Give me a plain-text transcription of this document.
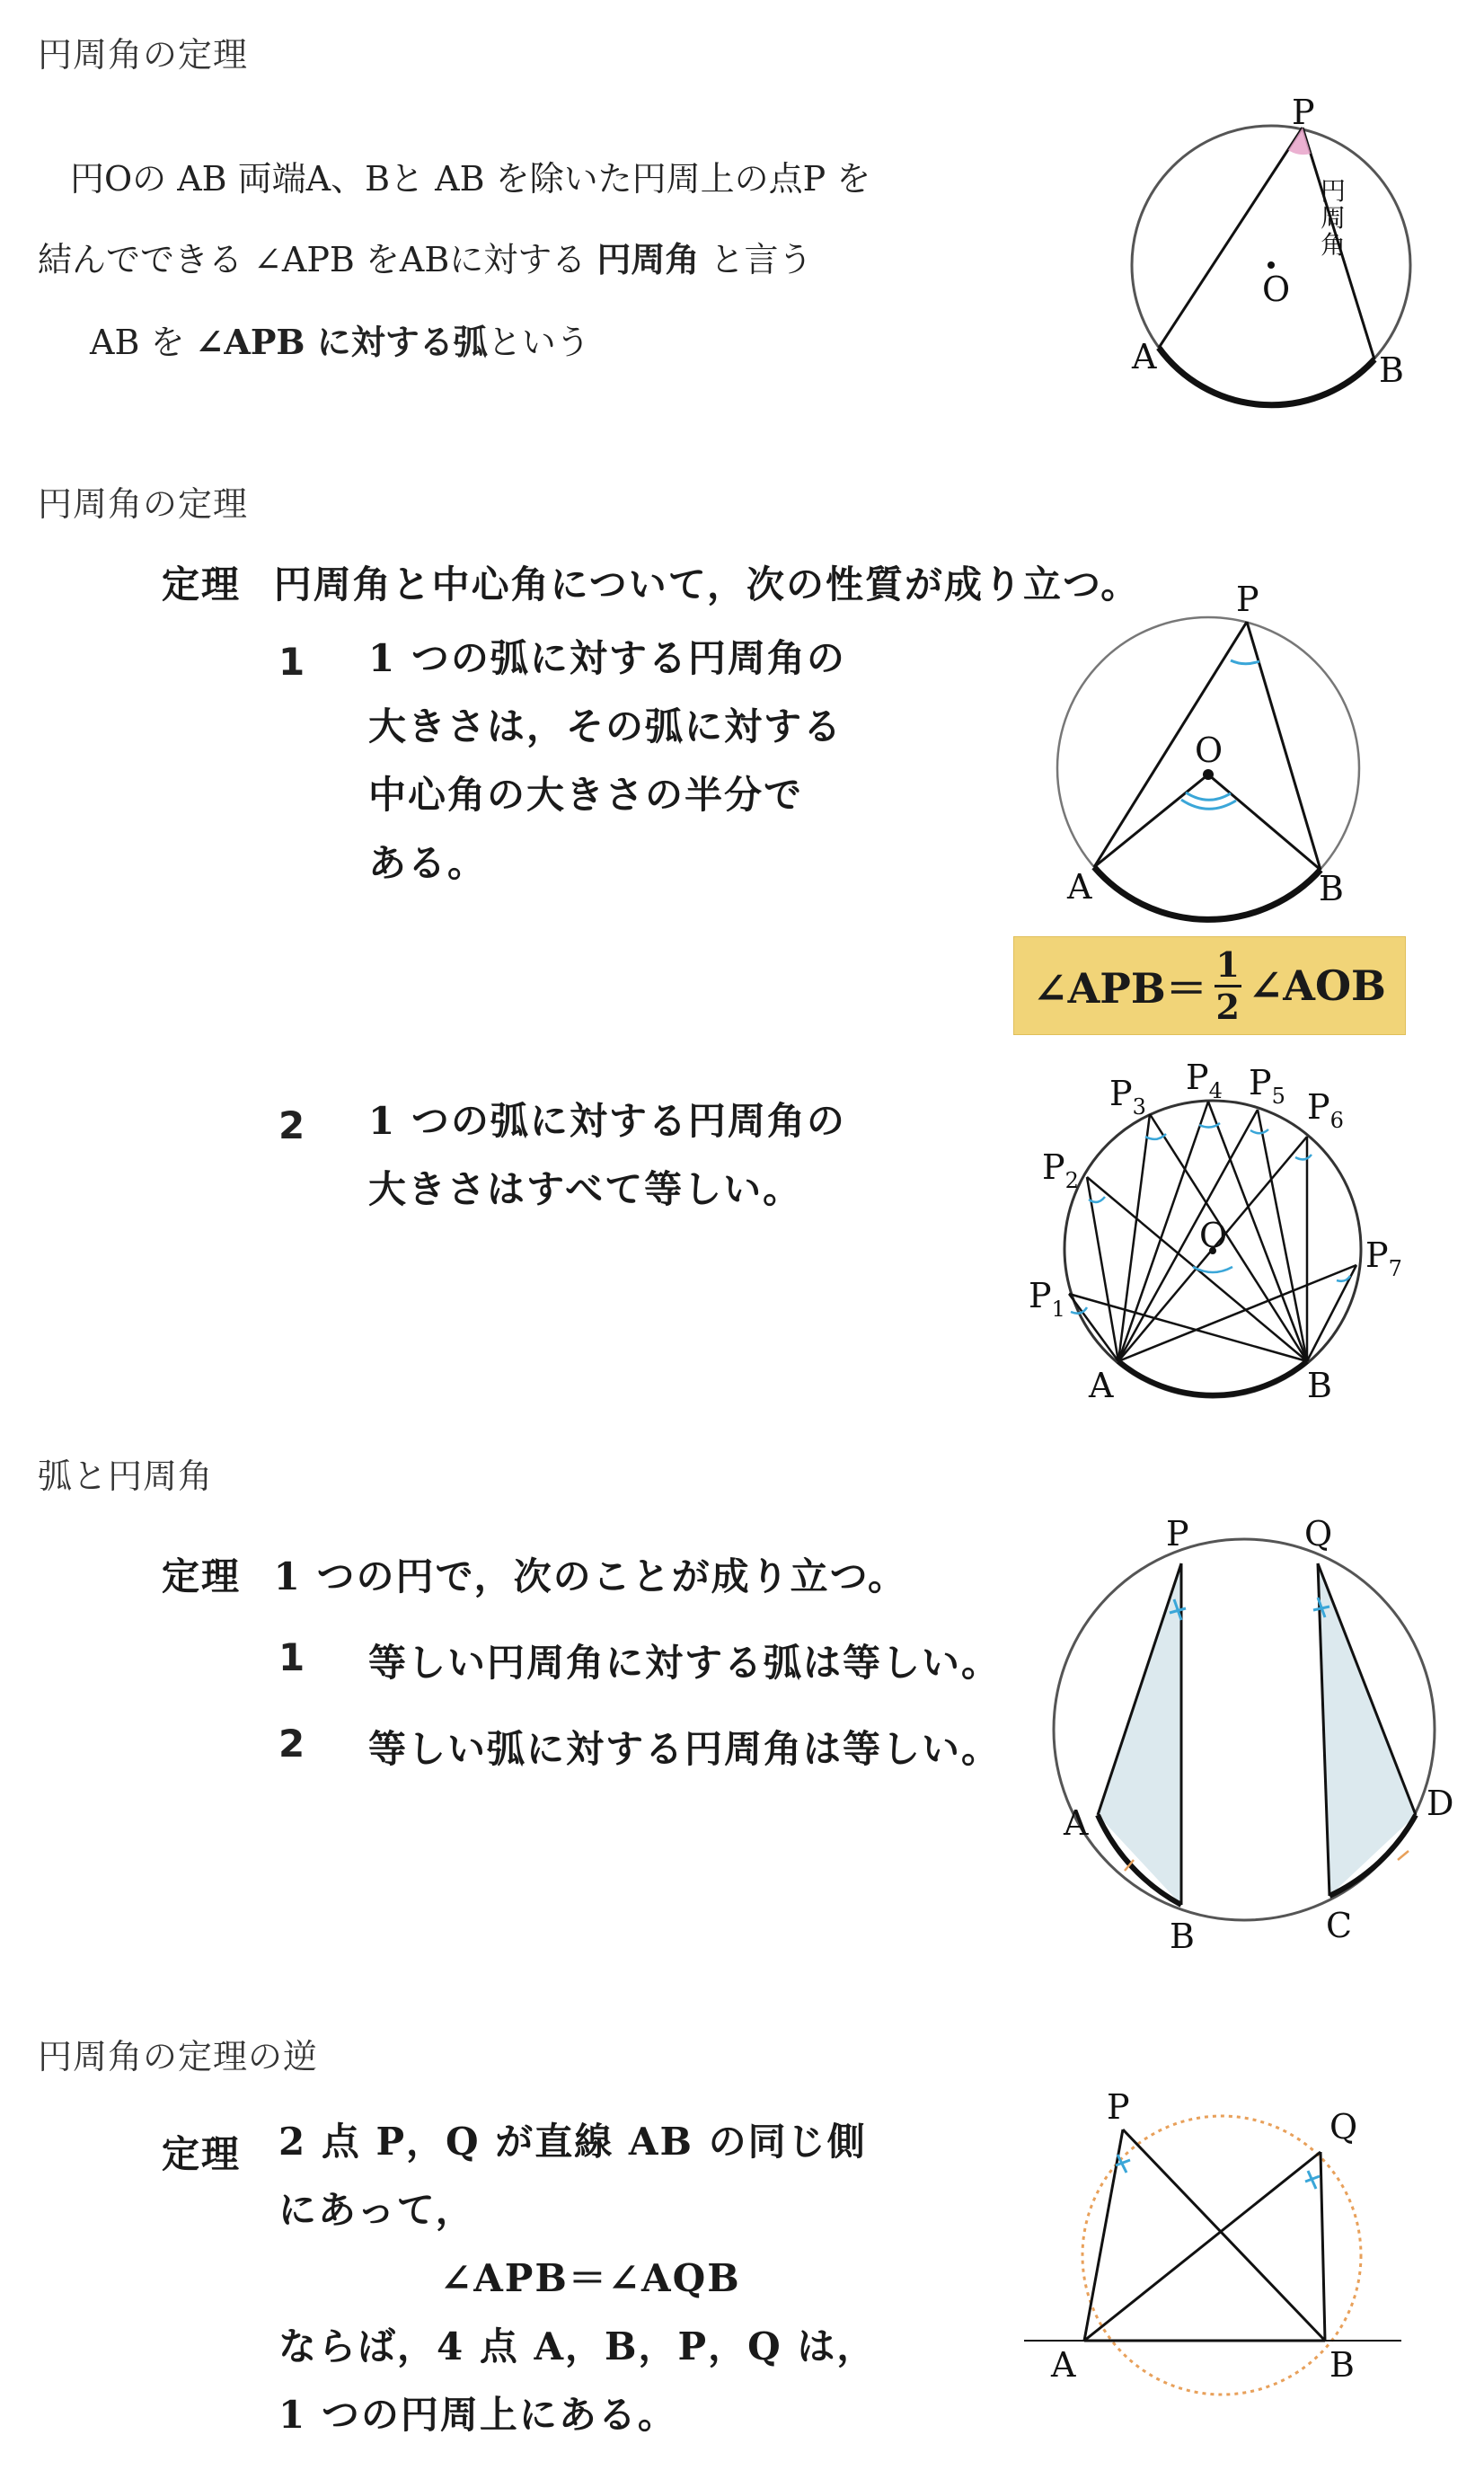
円周角の定理
円Oの AB 両端A、Bと AB を除いた円周上の点P を
結んでできる ∠APB をABに対する 円周角 と言う
AB を ∠APB に対する弧という
P
O
A	B
円
周
角
円周角の定理
定理 円周角と中心角について，次の性質が成り立つ。
1 1 つの弧に対する円周角の
大きさは，その弧に対する
中心角の大きさの半分で
ある。
P
O
A	B
∠APB＝ $\frac{1}{2}$ ∠AOB
2 1 つの弧に対する円周角の
大きさはすべて等しい。
$P_1$
$P_2$
$P_3$
$P_4$ $P_5$ $P_6$
$P_7$
O
A	B
弧と円周角
定理 1 つの円で，次のことが成り立つ。
1 等しい円周角に対する弧は等しい。
2 等しい弧に対する円周角は等しい。
P	Q
A
B	C
D
円周角の定理の逆
定理 2 点 P，Q が直線 AB の同じ側
にあって，
∠APB＝∠AQB
ならば，4 点 A，B，P，Q は，
1 つの円周上にある。
P	Q
A	B
